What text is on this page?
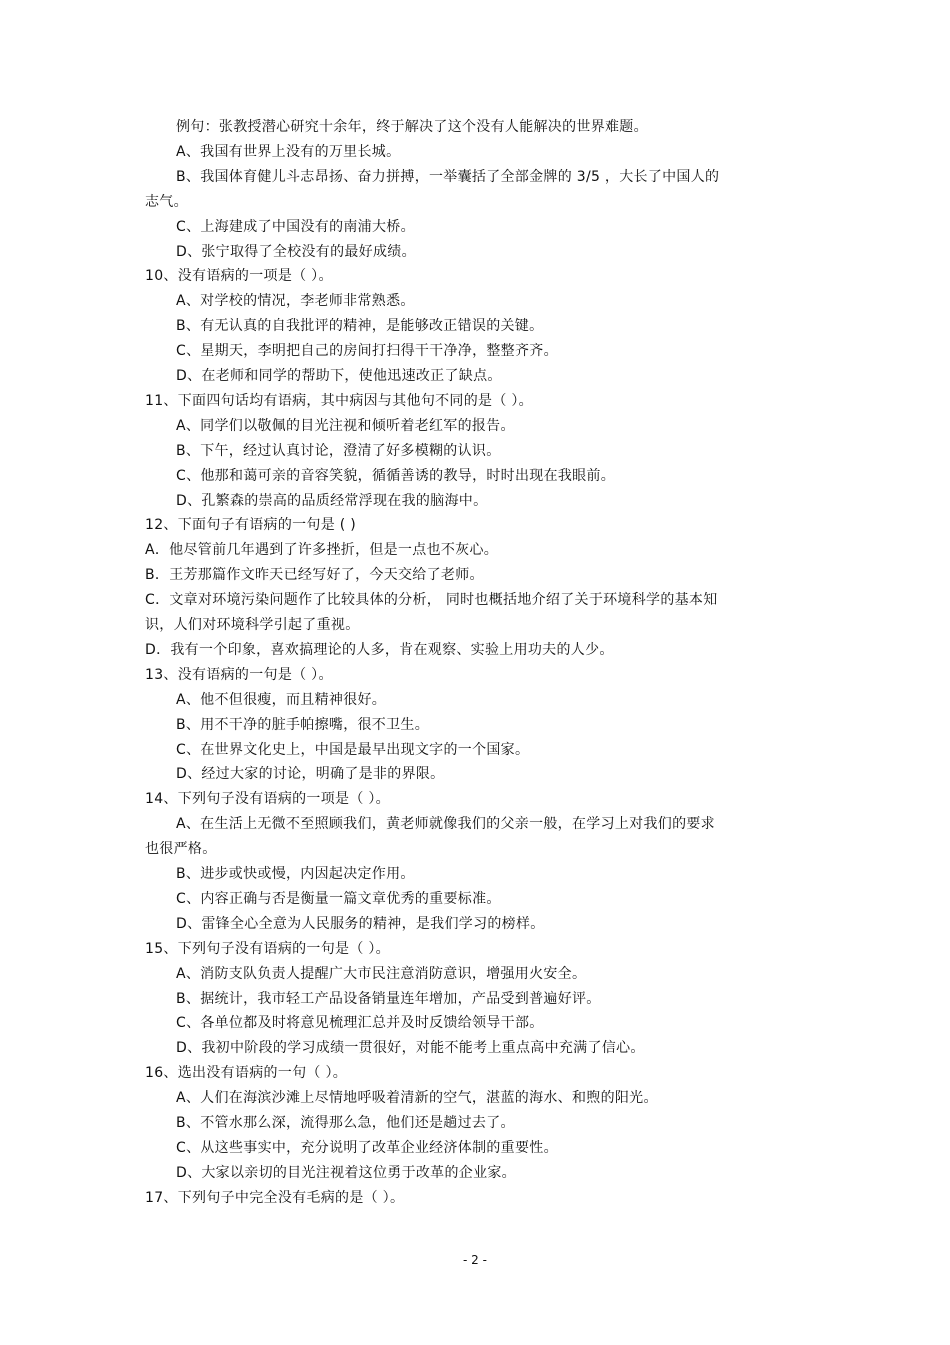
例句：张教授潜心研究十余年，终于解决了这个没有人能解决的世界难题。
A、我国有世界上没有的万里长城。
B、我国体育健儿斗志昂扬、奋力拼搏，一举囊括了全部金牌的 3/5 ，大长了中国人的
志气。
C、上海建成了中国没有的南浦大桥。
D、张宁取得了全校没有的最好成绩。
10、没有语病的一项是（ ）。
A、对学校的情况，李老师非常熟悉。
B、有无认真的自我批评的精神，是能够改正错误的关键。
C、星期天，李明把自己的房间打扫得干干净净，整整齐齐。
D、在老师和同学的帮助下，使他迅速改正了缺点。
11、下面四句话均有语病，其中病因与其他句不同的是（ ）。
A、同学们以敬佩的目光注视和倾听着老红军的报告。
B、下午，经过认真讨论，澄清了好多模糊的认识。
C、他那和蔼可亲的音容笑貌，循循善诱的教导，时时出现在我眼前。
D、孔繁森的崇高的品质经常浮现在我的脑海中。
12、下面句子有语病的一句是 ( )
A．他尽管前几年遇到了许多挫折，但是一点也不灰心。
B．王芳那篇作文昨天已经写好了，今天交给了老师。
C．文章对环境污染问题作了比较具体的分析， 同时也概括地介绍了关于环境科学的基本知
识，人们对环境科学引起了重视。
D．我有一个印象，喜欢搞理论的人多，肯在观察、实验上用功夫的人少。
13、没有语病的一句是（ ）。
A、他不但很瘦，而且精神很好。
B、用不干净的脏手帕擦嘴，很不卫生。
C、在世界文化史上，中国是最早出现文字的一个国家。
D、经过大家的讨论，明确了是非的界限。
14、下列句子没有语病的一项是（ ）。
A、在生活上无微不至照顾我们，黄老师就像我们的父亲一般，在学习上对我们的要求
也很严格。
B、进步或快或慢，内因起决定作用。
C、内容正确与否是衡量一篇文章优秀的重要标准。
D、雷锋全心全意为人民服务的精神，是我们学习的榜样。
15、下列句子没有语病的一句是（ ）。
A、消防支队负责人提醒广大市民注意消防意识，增强用火安全。
B、据统计，我市轻工产品设备销量连年增加，产品受到普遍好评。
C、各单位都及时将意见梳理汇总并及时反馈给领导干部。
D、我初中阶段的学习成绩一贯很好，对能不能考上重点高中充满了信心。
16、选出没有语病的一句（ ）。
A、人们在海滨沙滩上尽情地呼吸着清新的空气，湛蓝的海水、和煦的阳光。
B、不管水那么深，流得那么急，他们还是趟过去了。
C、从这些事实中，充分说明了改革企业经济体制的重要性。
D、大家以亲切的目光注视着这位勇于改革的企业家。
17、下列句子中完全没有毛病的是（ ）。
- 2 -
